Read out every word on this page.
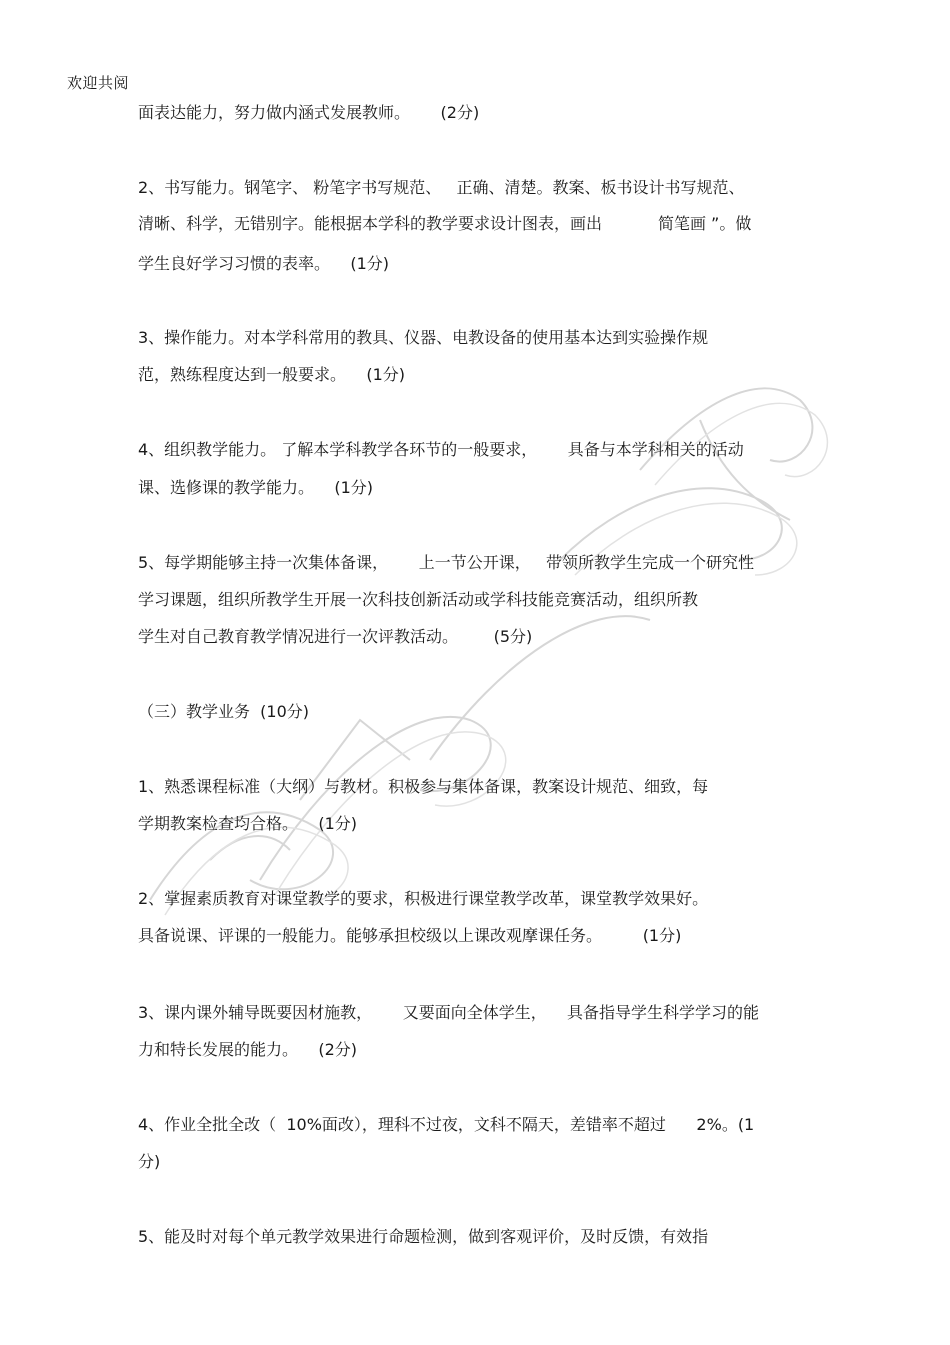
欢迎共阅
面表达能力，努力做内涵式发展教师。      (2分)
2、书写能力。钢笔字、 粉笔字书写规范、   正确、清楚。教案、板书设计书写规范、
清晰、科学，无错别字。能根据本学科的教学要求设计图表，画出           简笔画 ”。做
学生良好学习习惯的表率。    (1分)
3、操作能力。对本学科常用的教具、仪器、电教设备的使用基本达到实验操作规
范，熟练程度达到一般要求。    (1分)
4、组织教学能力。 了解本学科教学各环节的一般要求，      具备与本学科相关的活动
课、选修课的教学能力。    (1分)
5、每学期能够主持一次集体备课，      上一节公开课，   带领所教学生完成一个研究性
学习课题，组织所教学生开展一次科技创新活动或学科技能竞赛活动，组织所教
学生对自己教育教学情况进行一次评教活动。       (5分)
（三）教学业务  (10分)
1、熟悉课程标准（大纲）与教材。积极参与集体备课，教案设计规范、细致，每
学期教案检查均合格。    (1分)
2、掌握素质教育对课堂教学的要求，积极进行课堂教学改革，课堂教学效果好。
具备说课、评课的一般能力。能够承担校级以上课改观摩课任务。        (1分)
3、课内课外辅导既要因材施教，      又要面向全体学生，    具备指导学生科学学习的能
力和特长发展的能力。    (2分)
4、作业全批全改（  10%面改），理科不过夜，文科不隔天，差错率不超过      2%。(1
分)
5、能及时对每个单元教学效果进行命题检测，做到客观评价，及时反馈，有效指
